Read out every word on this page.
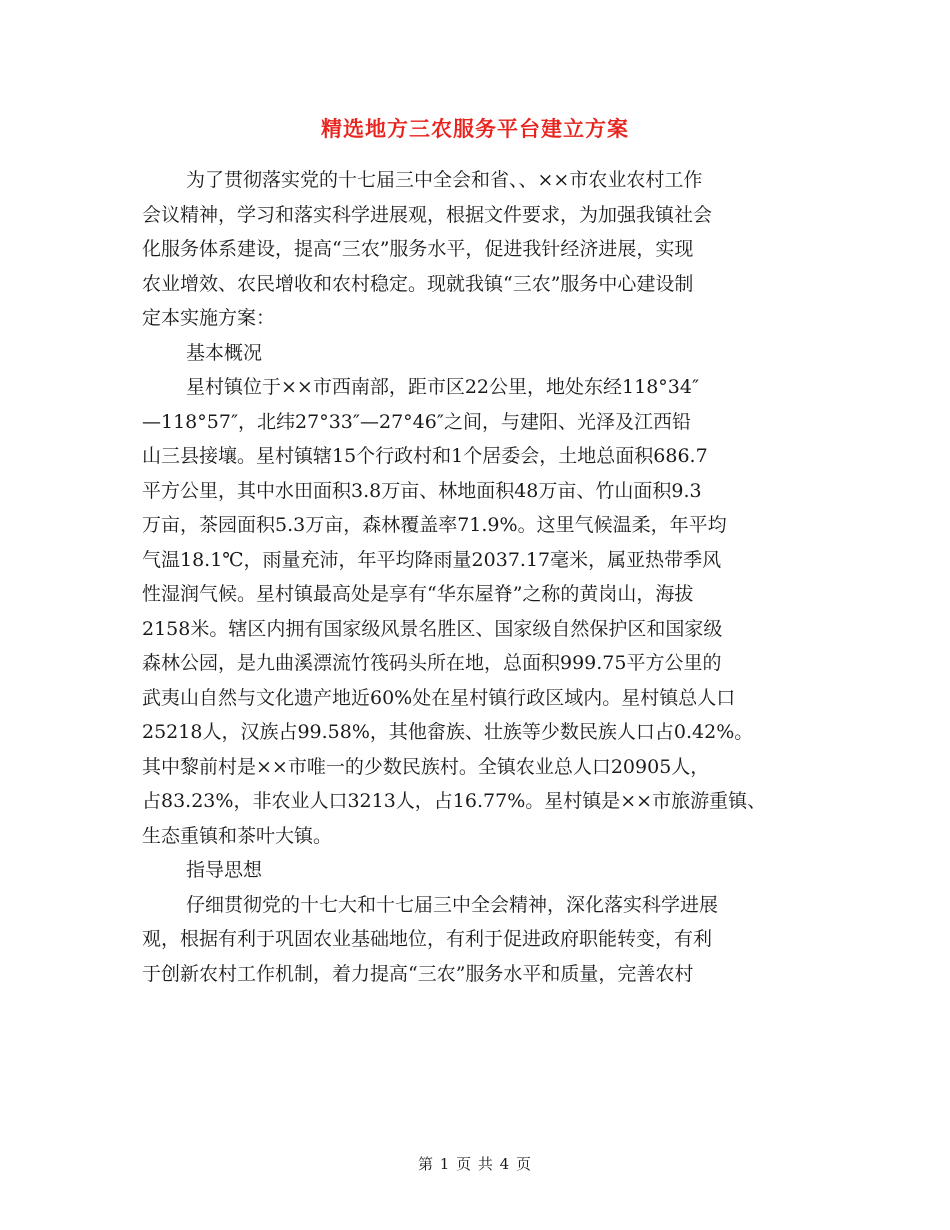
精选地方三农服务平台建立方案
为了贯彻落实党的十七届三中全会和省、、××市农业农村工作
会议精神，学习和落实科学进展观，根据文件要求，为加强我镇社会
化服务体系建设，提高“三农”服务水平，促进我针经济进展，实现
农业增效、农民增收和农村稳定。现就我镇“三农”服务中心建设制
定本实施方案：
基本概况
星村镇位于××市西南部，距市区22公里，地处东经118°34″
—118°57″，北纬27°33″—27°46″之间，与建阳、光泽及江西铅
山三县接壤。星村镇辖15个行政村和1个居委会，土地总面积686.7
平方公里，其中水田面积3.8万亩、林地面积48万亩、竹山面积9.3
万亩，茶园面积5.3万亩，森林覆盖率71.9%。这里气候温柔，年平均
气温18.1℃，雨量充沛，年平均降雨量2037.17毫米，属亚热带季风
性湿润气候。星村镇最高处是享有“华东屋脊”之称的黄岗山，海拔
2158米。辖区内拥有国家级风景名胜区、国家级自然保护区和国家级
森林公园，是九曲溪漂流竹筏码头所在地，总面积999.75平方公里的
武夷山自然与文化遗产地近60%处在星村镇行政区域内。星村镇总人口
25218人，汉族占99.58%，其他畲族、壮族等少数民族人口占0.42%。
其中黎前村是××市唯一的少数民族村。全镇农业总人口20905人，
占83.23%，非农业人口3213人，占16.77%。星村镇是××市旅游重镇、
生态重镇和茶叶大镇。
指导思想
仔细贯彻党的十七大和十七届三中全会精神，深化落实科学进展
观，根据有利于巩固农业基础地位，有利于促进政府职能转变，有利
于创新农村工作机制，着力提高“三农”服务水平和质量，完善农村
第 1 页 共 4 页
